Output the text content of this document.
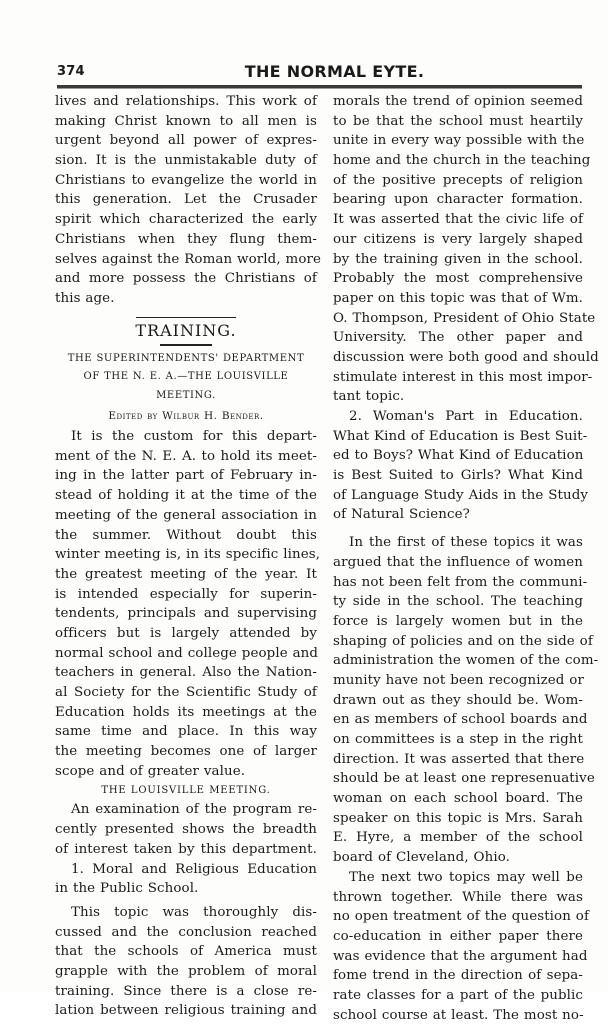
374	THE NORMAL EYTE.
lives and relationships. This work of
making Christ known to all men is
urgent beyond all power of expres-
sion. It is the unmistakable duty of
Christians to evangelize the world in
this generation. Let the Crusader
spirit which characterized the early
Christians when they flung them-
selves against the Roman world, more
and more possess the Christians of
this age.
TRAINING.
THE SUPERINTENDENTS' DEPARTMENT
OF THE N. E. A.—THE LOUISVILLE
MEETING.
Edited by Wilbur H. Bender.
It is the custom for this depart-
ment of the N. E. A. to hold its meet-
ing in the latter part of February in-
stead of holding it at the time of the
meeting of the general association in
the summer. Without doubt this
winter meeting is, in its specific lines,
the greatest meeting of the year. It
is intended especially for superin-
tendents, principals and supervising
officers but is largely attended by
normal school and college people and
teachers in general. Also the Nation-
al Society for the Scientific Study of
Education holds its meetings at the
same time and place. In this way
the meeting becomes one of larger
scope and of greater value.
THE LOUISVILLE MEETING.
An examination of the program re-
cently presented shows the breadth
of interest taken by this department.
1. Moral and Religious Education
in the Public School.
This topic was thoroughly dis-
cussed and the conclusion reached
that the schools of America must
grapple with the problem of moral
training. Since there is a close re-
lation between religious training and
morals the trend of opinion seemed
to be that the school must heartily
unite in every way possible with the
home and the church in the teaching
of the positive precepts of religion
bearing upon character formation.
It was asserted that the civic life of
our citizens is very largely shaped
by the training given in the school.
Probably the most comprehensive
paper on this topic was that of Wm.
O. Thompson, President of Ohio State
University. The other paper and
discussion were both good and should
stimulate interest in this most impor-
tant topic.
2. Woman's Part in Education.
What Kind of Education is Best Suit-
ed to Boys? What Kind of Education
is Best Suited to Girls? What Kind
of Language Study Aids in the Study
of Natural Science?
In the first of these topics it was
argued that the influence of women
has not been felt from the communi-
ty side in the school. The teaching
force is largely women but in the
shaping of policies and on the side of
administration the women of the com-
munity have not been recognized or
drawn out as they should be. Wom-
en as members of school boards and
on committees is a step in the right
direction. It was asserted that there
should be at least one represenuative
woman on each school board. The
speaker on this topic is Mrs. Sarah
E. Hyre, a member of the school
board of Cleveland, Ohio.
The next two topics may well be
thrown together. While there was
no open treatment of the question of
co-education in either paper there
was evidence that the argument had
fome trend in the direction of sepa-
rate classes for a part of the public
school course at least. The most no-
